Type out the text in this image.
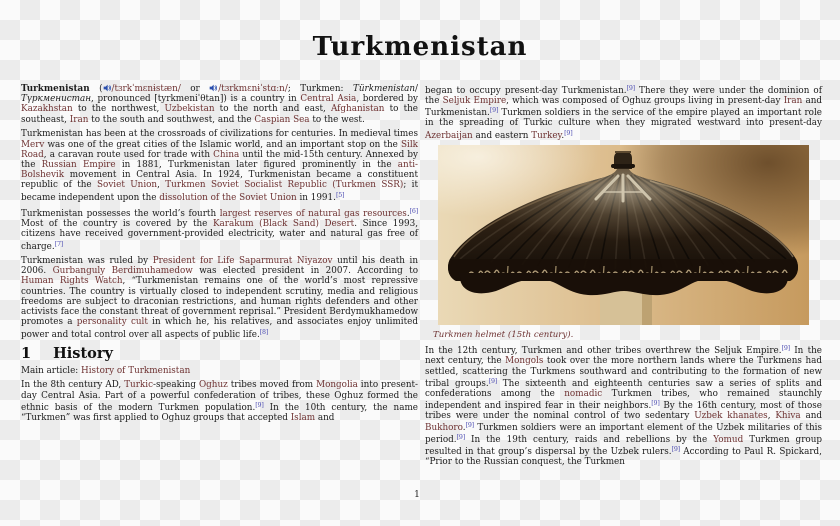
Turkmenistan

Turkmenistan ( /tɜrkˈmɛnɨstæn/ or /tɜrkmɛnɨˈstɑːn/; Turkmen: Türkmenistan/Түркменистан, pronounced [tyrkmeniˈθtan]) is a country in Central Asia, bordered by Kazakhstan to the northwest, Uzbekistan to the north and east, Afghanistan to the southeast, Iran to the south and southwest, and the Caspian Sea to the west.

Turkmenistan has been at the crossroads of civilizations for centuries. In medieval times Merv was one of the great cities of the Islamic world, and an important stop on the Silk Road, a caravan route used for trade with China until the mid-15th century. Annexed by the Russian Empire in 1881, Turkmenistan later figured prominently in the anti-Bolshevik movement in Central Asia. In 1924, Turkmenistan became a constituent republic of the Soviet Union, Turkmen Soviet Socialist Republic (Turkmen SSR); it became independent upon the dissolution of the Soviet Union in 1991.[5]

Turkmenistan possesses the world’s fourth largest reserves of natural gas resources.[6] Most of the country is covered by the Karakum (Black Sand) Desert. Since 1993, citizens have received government-provided electricity, water and natural gas free of charge.[7]

Turkmenistan was ruled by President for Life Saparmurat Niyazov until his death in 2006. Gurbanguly Berdimuhamedow was elected president in 2007. According to Human Rights Watch, “Turkmenistan remains one of the world’s most repressive countries. The country is virtually closed to independent scrutiny, media and religious freedoms are subject to draconian restrictions, and human rights defenders and other activists face the constant threat of government reprisal.” President Berdymukhamedow promotes a personality cult in which he, his relatives, and associates enjoy unlimited power and total control over all aspects of public life.[8]

1 History

Main article: History of Turkmenistan

In the 8th century AD, Turkic-speaking Oghuz tribes moved from Mongolia into present-day Central Asia. Part of a powerful confederation of tribes, these Oghuz formed the ethnic basis of the modern Turkmen population.[9] In the 10th century, the name “Turkmen” was first applied to Oghuz groups that accepted Islam and

began to occupy present-day Turkmenistan.[9] There they were under the dominion of the Seljuk Empire, which was composed of Oghuz groups living in present-day Iran and Turkmenistan.[9] Turkmen soldiers in the service of the empire played an important role in the spreading of Turkic culture when they migrated westward into present-day Azerbaijan and eastern Turkey.[9]

Turkmen helmet (15th century).

In the 12th century, Turkmen and other tribes overthrew the Seljuk Empire.[9] In the next century, the Mongols took over the more northern lands where the Turkmens had settled, scattering the Turkmens southward and contributing to the formation of new tribal groups.[9] The sixteenth and eighteenth centuries saw a series of splits and confederations among the nomadic Turkmen tribes, who remained staunchly independent and inspired fear in their neighbors.[9] By the 16th century, most of those tribes were under the nominal control of two sedentary Uzbek khanates, Khiva and Bukhoro.[9] Turkmen soldiers were an important element of the Uzbek militaries of this period.[9] In the 19th century, raids and rebellions by the Yomud Turkmen group resulted in that group’s dispersal by the Uzbek rulers.[9] According to Paul R. Spickard, “Prior to the Russian conquest, the Turkmen

1
